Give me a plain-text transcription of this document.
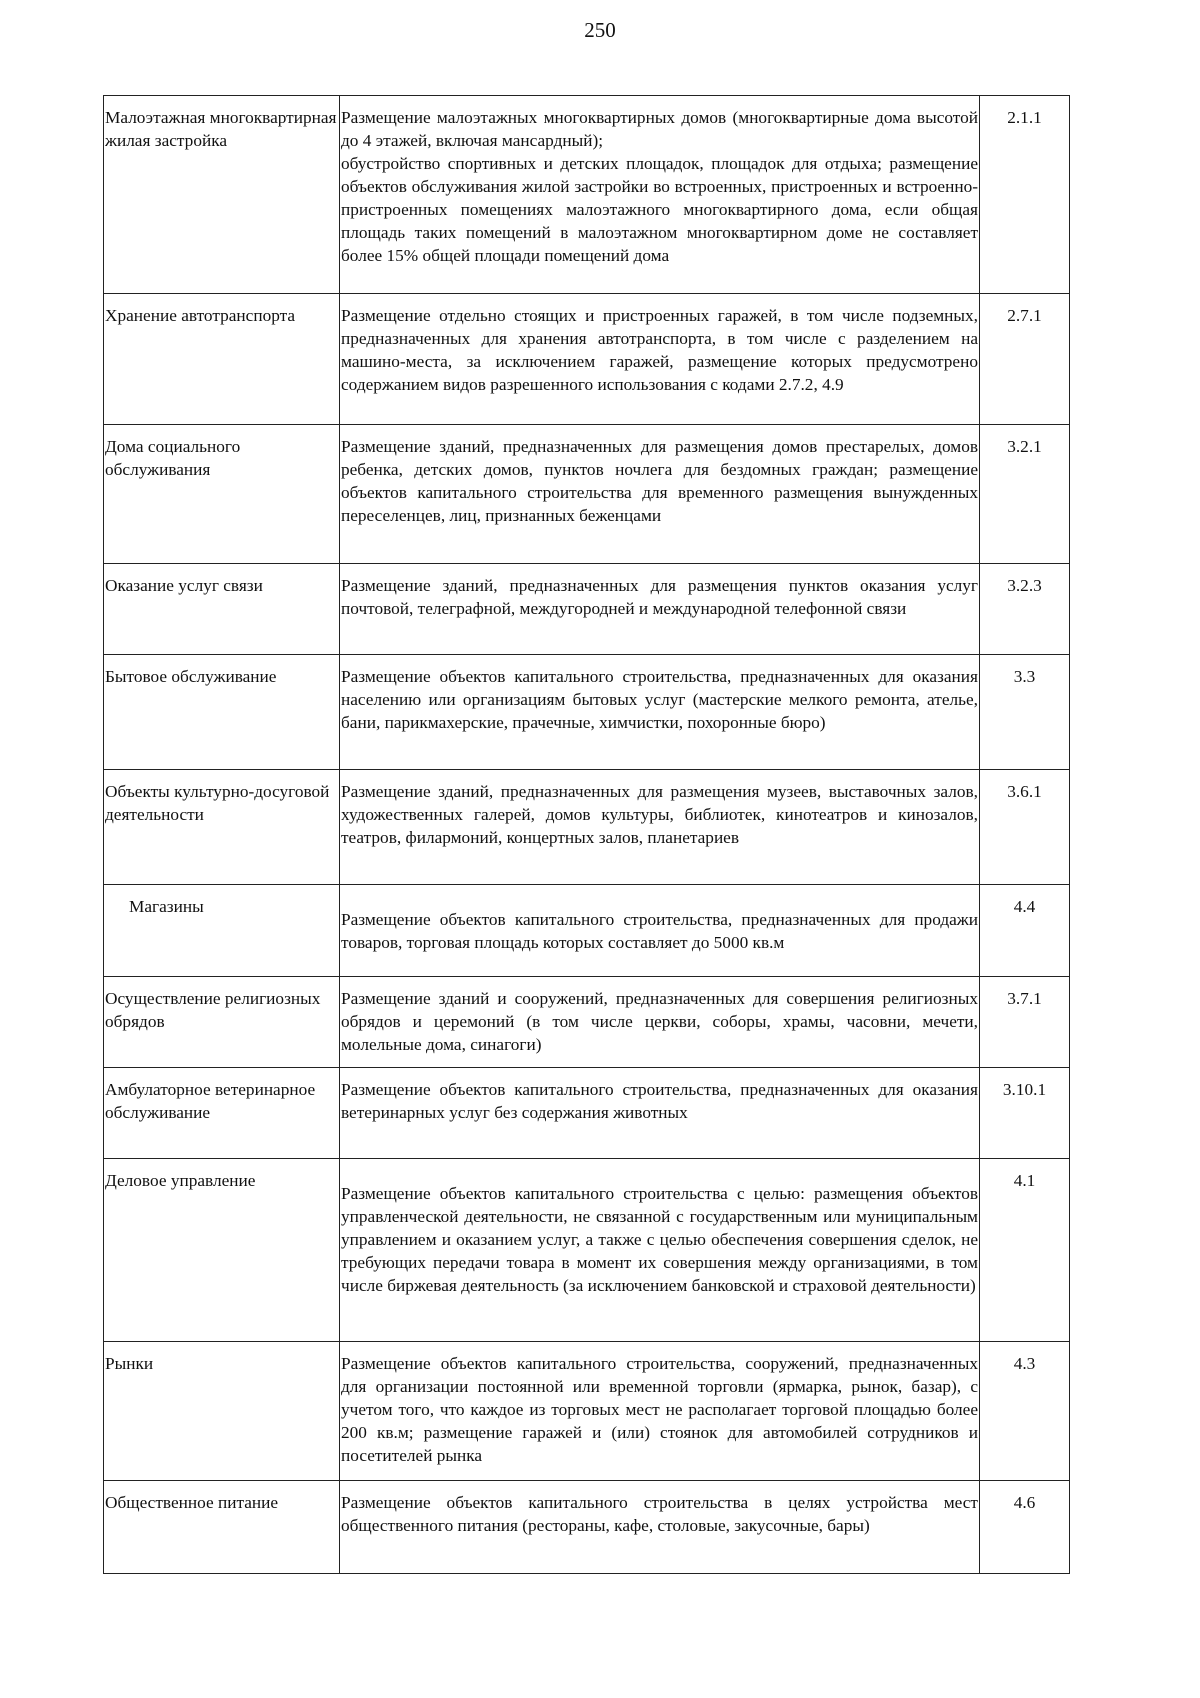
250
Малоэтажная многоквартирная жилая застройка	Размещение малоэтажных многоквартирных домов (многоквартирные дома высотой до 4 этажей, включая мансардный);
обустройство спортивных и детских площадок, площадок для отдыха; размещение объектов обслуживания жилой застройки во встроенных, пристроенных и встроенно-пристроенных помещениях малоэтажного многоквартирного дома, если общая площадь таких помещений в малоэтажном многоквартирном доме не составляет более 15% общей площади помещений дома	2.1.1
Хранение автотранспорта	Размещение отдельно стоящих и пристроенных гаражей, в том числе подземных, предназначенных для хранения автотранспорта, в том числе с разделением на машино-места, за исключением гаражей, размещение которых предусмотрено содержанием видов разрешенного использования с кодами 2.7.2, 4.9	2.7.1
Дома социального обслуживания	Размещение зданий, предназначенных для размещения домов престарелых, домов ребенка, детских домов, пунктов ночлега для бездомных граждан; размещение объектов капитального строительства для временного размещения вынужденных переселенцев, лиц, признанных беженцами	3.2.1
Оказание услуг связи	Размещение зданий, предназначенных для размещения пунктов оказания услуг почтовой, телеграфной, междугородней и международной телефонной связи	3.2.3
Бытовое обслуживание	Размещение объектов капитального строительства, предназначенных для оказания населению или организациям бытовых услуг (мастерские мелкого ремонта, ателье, бани, парикмахерские, прачечные, химчистки, похоронные бюро)	3.3
Объекты культурно-досуговой деятельности	Размещение зданий, предназначенных для размещения музеев, выставочных залов, художественных галерей, домов культуры, библиотек, кинотеатров и кинозалов, театров, филармоний, концертных залов, планетариев	3.6.1
Магазины	Размещение объектов капитального строительства, предназначенных для продажи товаров, торговая площадь которых составляет до 5000 кв.м	4.4
Осуществление религиозных обрядов	Размещение зданий и сооружений, предназначенных для совершения религиозных обрядов и церемоний (в том числе церкви, соборы, храмы, часовни, мечети, молельные дома, синагоги)	3.7.1
Амбулаторное ветеринарное обслуживание	Размещение объектов капитального строительства, предназначенных для оказания ветеринарных услуг без содержания животных	3.10.1
Деловое управление	Размещение объектов капитального строительства с целью: размещения объектов управленческой деятельности, не связанной с государственным или муниципальным управлением и оказанием услуг, а также с целью обеспечения совершения сделок, не требующих передачи товара в момент их совершения между организациями, в том числе биржевая деятельность (за исключением банковской и страховой деятельности)	4.1
Рынки	Размещение объектов капитального строительства, сооружений, предназначенных для организации постоянной или временной торговли (ярмарка, рынок, базар), с учетом того, что каждое из торговых мест не располагает торговой площадью более 200 кв.м; размещение гаражей и (или) стоянок для автомобилей сотрудников и посетителей рынка	4.3
Общественное питание	Размещение объектов капитального строительства в целях устройства мест общественного питания (рестораны, кафе, столовые, закусочные, бары)	4.6
